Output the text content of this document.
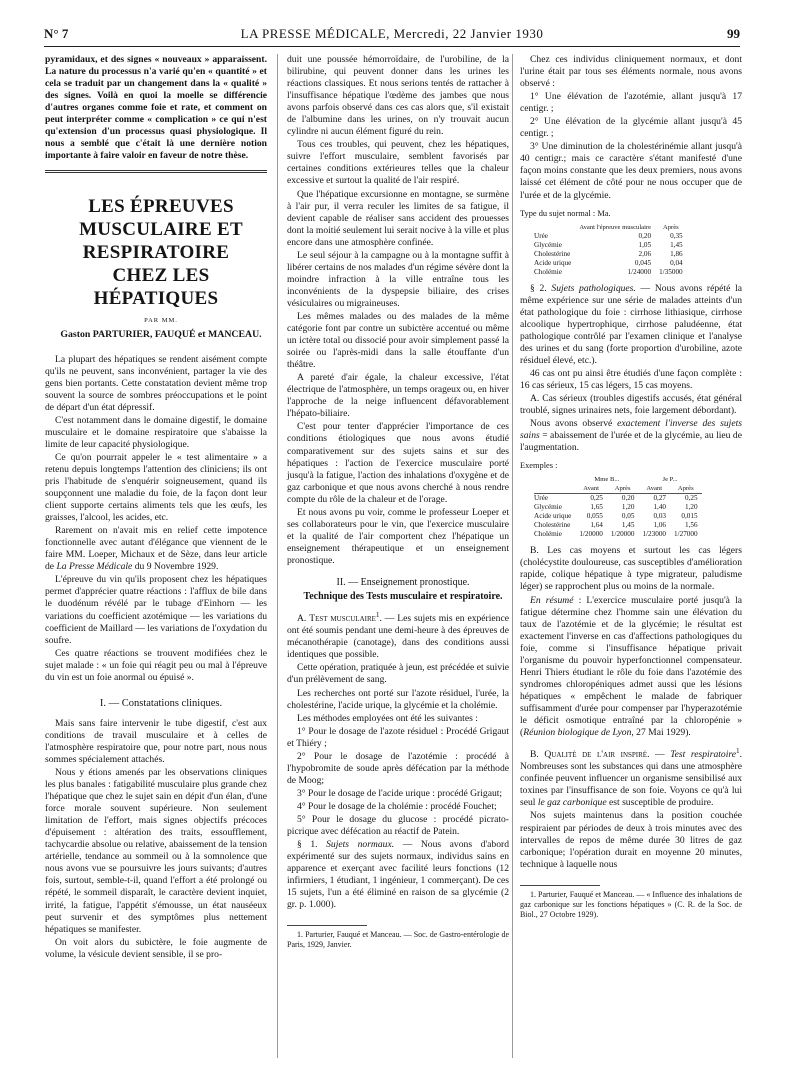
N° 7	LA PRESSE MÉDICALE, Mercredi, 22 Janvier 1930	99

pyramidaux, et des signes « nouveaux » apparaissent. La nature du processus n'a varié qu'en « quantité » et cela se traduit par un changement dans la « qualité » des signes. Voilà en quoi la moelle se différencie d'autres organes comme foie et rate, et comment on peut interpréter comme « complication » ce qui n'est qu'extension d'un processus quasi physiologique. Il nous a semblé que c'était là une dernière notion importante à faire valoir en faveur de notre thèse.

LES ÉPREUVES

MUSCULAIRE ET RESPIRATOIRE

CHEZ LES HÉPATIQUES

PAR MM.

Gaston PARTURIER, FAUQUÉ et MANCEAU.

La plupart des hépatiques se rendent aisément compte qu'ils ne peuvent, sans inconvénient, partager la vie des gens bien portants. Cette constatation devient même trop souvent la source de sombres préoccupations et le point de départ d'un état dépressif.

C'est notamment dans le domaine digestif, le domaine musculaire et le domaine respiratoire que s'abaisse la limite de leur capacité physiologique.

Ce qu'on pourrait appeler le « test alimentaire » a retenu depuis longtemps l'attention des cliniciens; ils ont pris l'habitude de s'enquérir soigneusement, quand ils soupçonnent une maladie du foie, de la façon dont leur client supporte certains aliments tels que les œufs, les graisses, l'alcool, les acides, etc.

Rarement on n'avait mis en relief cette impotence fonctionnelle avec autant d'élégance que viennent de le faire MM. Loeper, Michaux et de Sèze, dans leur article de La Presse Médicale du 9 Novembre 1929.

L'épreuve du vin qu'ils proposent chez les hépatiques permet d'apprécier quatre réactions : l'afflux de bile dans le duodénum révélé par le tubage d'Einhorn — les variations du coefficient azotémique — les variations du coefficient de Maillard — les variations de l'oxydation du soufre.

Ces quatre réactions se trouvent modifiées chez le sujet malade : « un foie qui réagit peu ou mal à l'épreuve du vin est un foie anormal ou épuisé ».

I. — Constatations cliniques.

Mais sans faire intervenir le tube digestif, c'est aux conditions de travail musculaire et à celles de l'atmosphère respiratoire que, pour notre part, nous nous sommes spécialement attachés.

Nous y étions amenés par les observations cliniques les plus banales : fatigabilité musculaire plus grande chez l'hépatique que chez le sujet sain en dépit d'un élan, d'une force morale souvent supérieure. Non seulement limitation de l'effort, mais signes objectifs précoces d'épuisement : altération des traits, essoufflement, tachycardie absolue ou relative, abaissement de la tension artérielle, tendance au sommeil ou à la somnolence que nous avons vue se poursuivre les jours suivants; d'autres fois, surtout, semble-t-il, quand l'effort a été prolongé ou répété, le sommeil disparaît, le caractère devient inquiet, irrité, la fatigue, l'appétit s'émousse, un état nauséeux peut survenir et des symptômes plus nettement hépatiques se manifester.

On voit alors du subictère, le foie augmente de volume, la vésicule devient sensible, il se pro-

duit une poussée hémorroïdaire, de l'urobiline, de la bilirubine, qui peuvent donner dans les urines les réactions classiques. Et nous serions tentés de rattacher à l'insuffisance hépatique l'œdème des jambes que nous avons parfois observé dans ces cas alors que, s'il existait de l'albumine dans les urines, on n'y trouvait aucun cylindre ni aucun élément figuré du rein.

Tous ces troubles, qui peuvent, chez les hépatiques, suivre l'effort musculaire, semblent favorisés par certaines conditions extérieures telles que la chaleur excessive et surtout la qualité de l'air respiré.

Que l'hépatique excursionne en montagne, se surmène à l'air pur, il verra reculer les limites de sa fatigue, il devient capable de réaliser sans accident des prouesses dont la moitié seulement lui serait nocive à la ville et plus encore dans une atmosphère confinée.

Le seul séjour à la campagne ou à la montagne suffit à libérer certains de nos malades d'un régime sévère dont la moindre infraction à la ville entraîne tous les inconvénients de la dyspepsie biliaire, des crises vésiculaires ou migraineuses.

Les mêmes malades ou des malades de la même catégorie font par contre un subictère accentué ou même un ictère total ou dissocié pour avoir simplement passé la soirée ou l'après-midi dans la salle étouffante d'un théâtre.

A pareté d'air égale, la chaleur excessive, l'état électrique de l'atmosphère, un temps orageux ou, en hiver l'approche de la neige influencent défavorablement l'hépato-biliaire.

C'est pour tenter d'apprécier l'importance de ces conditions étiologiques que nous avons étudié comparativement sur des sujets sains et sur des hépatiques : l'action de l'exercice musculaire porté jusqu'à la fatigue, l'action des inhalations d'oxygène et de gaz carbonique et que nous avons cherché à nous rendre compte du rôle de la chaleur et de l'orage.

Et nous avons pu voir, comme le professeur Loeper et ses collaborateurs pour le vin, que l'exercice musculaire et la qualité de l'air comportent chez l'hépatique un enseignement thérapeutique et un enseignement pronostique.

II. — Enseignement pronostique.

Technique des Tests musculaire et respiratoire.

A. Test musculaire$^1$. — Les sujets mis en expérience ont été soumis pendant une demi-heure à des épreuves de mécanothérapie (canotage), dans des conditions aussi identiques que possible.

Cette opération, pratiquée à jeun, est précédée et suivie d'un prélèvement de sang.

Les recherches ont porté sur l'azote résiduel, l'urée, la cholestérine, l'acide urique, la glycémie et la cholémie.

Les méthodes employées ont été les suivantes :

1° Pour le dosage de l'azote résiduel : Procédé Grigaut et Thiéry ;

2° Pour le dosage de l'azotémie : procédé à l'hypobromite de soude après défécation par la méthode de Moog;

3° Pour le dosage de l'acide urique : procédé Grigaut;

4° Pour le dosage de la cholémie : procédé Fouchet;

5° Pour le dosage du glucose : procédé picrato-picrique avec défécation au réactif de Patein.

§ 1. Sujets normaux. — Nous avons d'abord expérimenté sur des sujets normaux, individus sains en apparence et exerçant avec facilité leurs fonctions (12 infirmiers, 1 étudiant, 1 ingénieur, 1 commerçant). De ces 15 sujets, l'un a été éliminé en raison de sa glycémie (2 gr. p. 1.000).

1. Parturier, Fauqué et Manceau. — Soc. de Gastro-entérologie de Paris, 1929, Janvier.

Chez ces individus cliniquement normaux, et dont l'urine était par tous ses éléments normale, nous avons observé :

1° Une élévation de l'azotémie, allant jusqu'à 17 centigr. ;

2° Une élévation de la glycémie allant jusqu'à 45 centigr. ;

3° Une diminution de la cholestérinémie allant jusqu'à 40 centigr.; mais ce caractère s'étant manifesté d'une façon moins constante que les deux premiers, nous avons laissé cet élément de côté pour ne nous occuper que de l'urée et de la glycémie.

Type du sujet normal : Ma.

	Avant l'épreuve musculaire	Après
Urée	0,20	0,35
Glycémie	1,05	1,45
Cholestérine	2,06	1,86
Acide urique	0,045	0,04
Cholémie	1/24000	1/35000

§ 2. Sujets pathologiques. — Nous avons répété la même expérience sur une série de malades atteints d'un état pathologique du foie : cirrhose lithiasique, cirrhose alcoolique hypertrophique, cirrhose paludéenne, état pathologique contrôlé par l'examen clinique et l'analyse des urines et du sang (forte proportion d'urobiline, azote résiduel élevé, etc.).

46 cas ont pu ainsi être étudiés d'une façon complète : 16 cas sérieux, 15 cas légers, 15 cas moyens.

A. Cas sérieux (troubles digestifs accusés, état général troublé, signes urinaires nets, foie largement débordant).

Nous avons observé exactement l'inverse des sujets sains = abaissement de l'urée et de la glycémie, au lieu de l'augmentation.

Exemples :

	Mme B...		Je P...	
	Avant	Après	Avant	Après
Urée	0,25	0,20	0,27	0,25
Glycémie	1,65	1,20	1,40	1,20
Acide urique	0,055	0,05	0,03	0,015
Cholestérine	1,64	1,45	1,06	1,56
Cholémie	1/20000	1/20000	1/23000	1/27000

B. Les cas moyens et surtout les cas légers (cholécystite douloureuse, cas susceptibles d'amélioration rapide, colique hépatique à type migrateur, paludisme léger) se rapprochent plus ou moins de la normale.

En résumé : L'exercice musculaire porté jusqu'à la fatigue détermine chez l'homme sain une élévation du taux de l'azotémie et de la glycémie; le résultat est exactement l'inverse en cas d'affections pathologiques du foie, comme si l'insuffisance hépatique privait l'organisme du pouvoir hyperfonctionnel compensateur. Henri Thiers étudiant le rôle du foie dans l'azotémie des syndromes chloropéniques admet aussi que les lésions hépatiques « empêchent le malade de fabriquer suffisamment d'urée pour compenser par l'hyperazotémie le déficit osmotique entraîné par la chloropénie » (Réunion biologique de Lyon, 27 Mai 1929).

B. Qualité de l'air inspiré. — Test respiratoire$^1$. Nombreuses sont les substances qui dans une atmosphère confinée peuvent influencer un organisme sensibilisé aux toxines par l'insuffisance de son foie. Voyons ce qu'à lui seul le gaz carbonique est susceptible de produire.

Nos sujets maintenus dans la position couchée respiraient par périodes de deux à trois minutes avec des intervalles de repos de même durée 30 litres de gaz carbonique; l'opération durait en moyenne 20 minutes, technique à laquelle nous

1. Parturier, Fauqué et Manceau. — « Influence des inhalations de gaz carbonique sur les fonctions hépatiques » (C. R. de la Soc. de Biol., 27 Octobre 1929).
